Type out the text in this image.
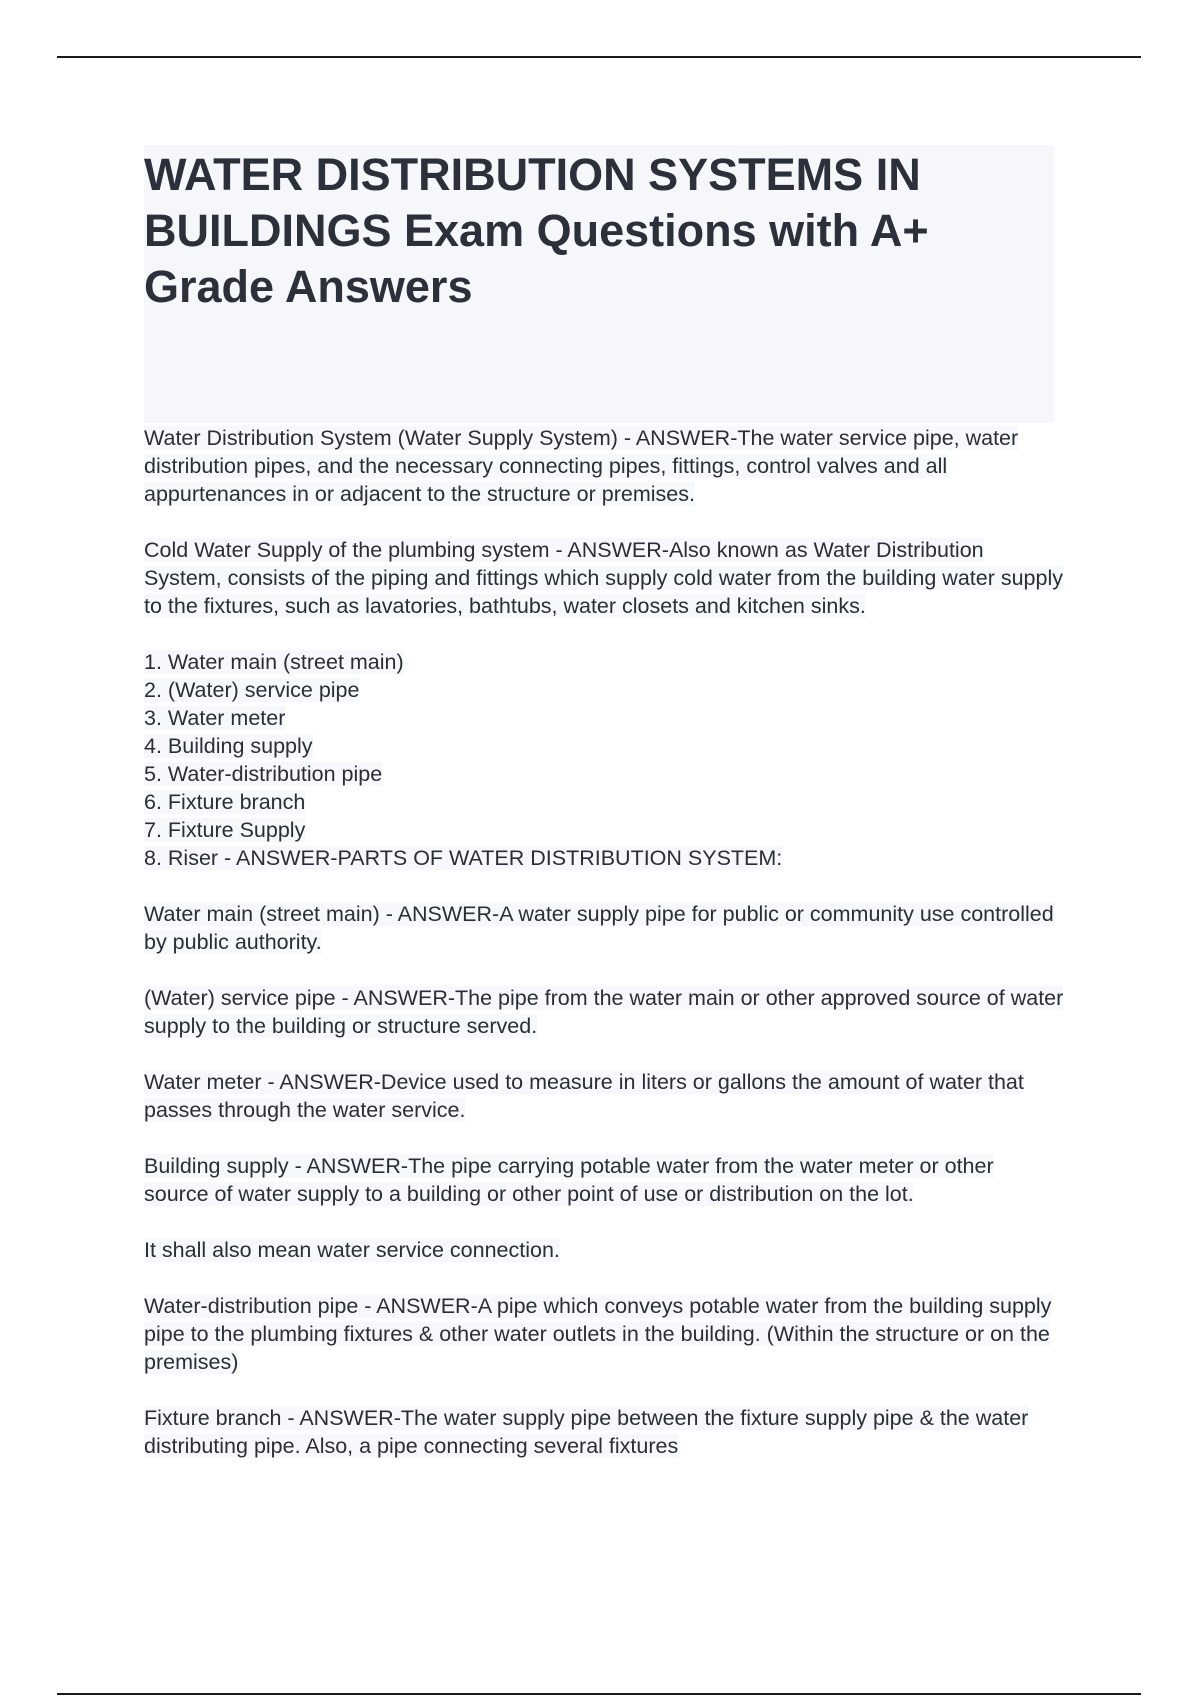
WATER DISTRIBUTION SYSTEMS IN BUILDINGS Exam Questions with A+ Grade Answers

Water Distribution System (Water Supply System) - ANSWER-The water service pipe, water distribution pipes, and the necessary connecting pipes, fittings, control valves and all appurtenances in or adjacent to the structure or premises.

Cold Water Supply of the plumbing system - ANSWER-Also known as Water Distribution System, consists of the piping and fittings which supply cold water from the building water supply to the fixtures, such as lavatories, bathtubs, water closets and kitchen sinks.

1. Water main (street main)
2. (Water) service pipe
3. Water meter
4. Building supply
5. Water-distribution pipe
6. Fixture branch
7. Fixture Supply
8. Riser - ANSWER-PARTS OF WATER DISTRIBUTION SYSTEM:

Water main (street main) - ANSWER-A water supply pipe for public or community use controlled by public authority.

(Water) service pipe - ANSWER-The pipe from the water main or other approved source of water supply to the building or structure served.

Water meter - ANSWER-Device used to measure in liters or gallons the amount of water that passes through the water service.

Building supply - ANSWER-The pipe carrying potable water from the water meter or other source of water supply to a building or other point of use or distribution on the lot.

It shall also mean water service connection.

Water-distribution pipe - ANSWER-A pipe which conveys potable water from the building supply pipe to the plumbing fixtures & other water outlets in the building. (Within the structure or on the premises)

Fixture branch - ANSWER-The water supply pipe between the fixture supply pipe & the water distributing pipe. Also, a pipe connecting several fixtures
